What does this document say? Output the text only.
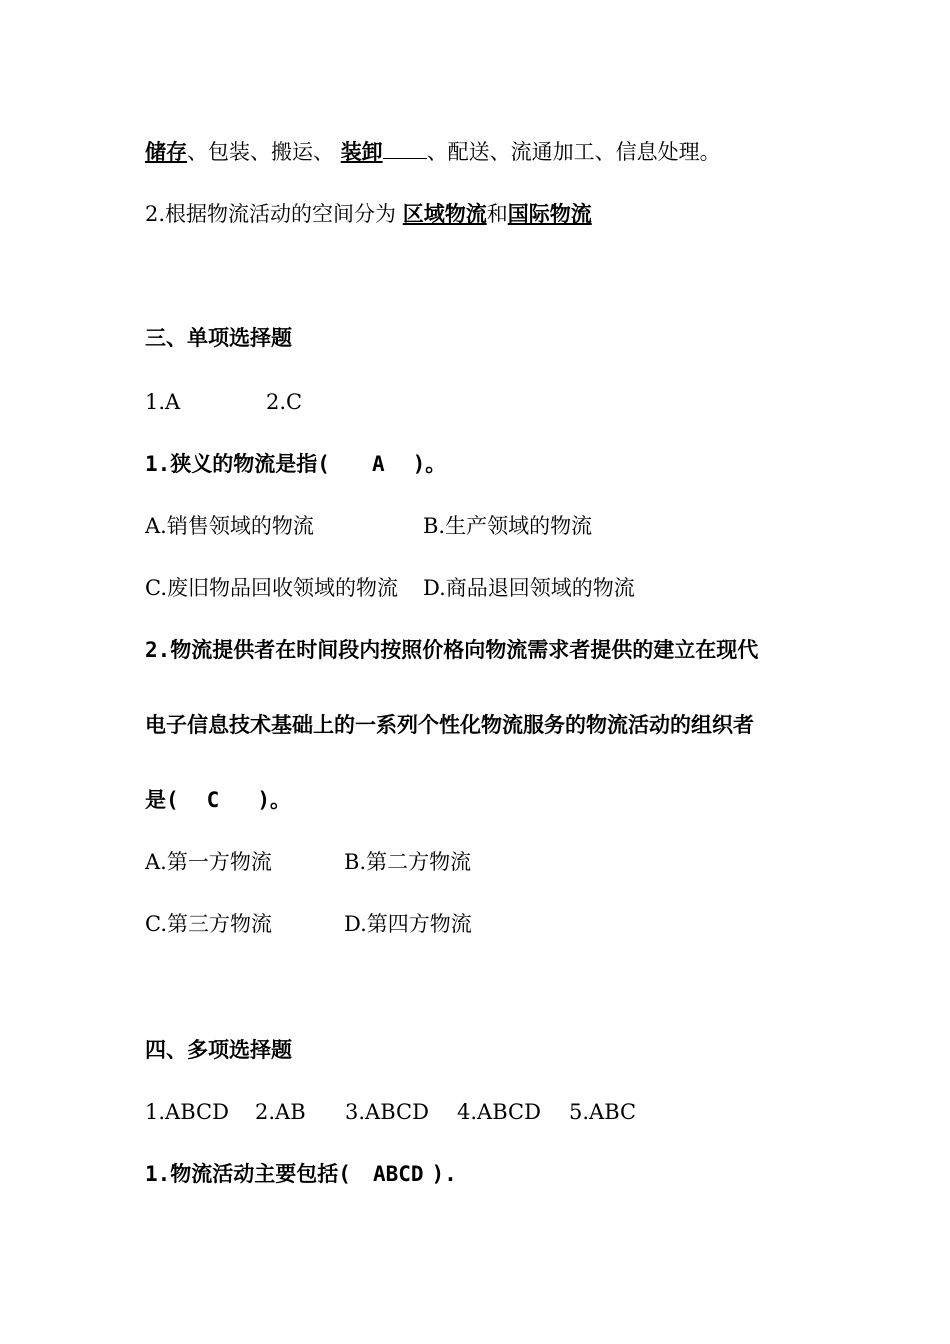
储存、包装、搬运、 装卸 、配送、流通加工、信息处理。
2.根据物流活动的空间分为 区域物流和国际物流
三、单项选择题
1.A	2.C
1.狭义的物流是指( A )。
A.销售领域的物流	B.生产领域的物流
C.废旧物品回收领域的物流 D.商品退回领域的物流
2.物流提供者在时间段内按照价格向物流需求者提供的建立在现代
电子信息技术基础上的一系列个性化物流服务的物流活动的组织者
是( C )。
A.第一方物流	B.第二方物流
C.第三方物流	D.第四方物流
四、多项选择题
1.ABCD 2.AB 3.ABCD 4.ABCD 5.ABC
1.物流活动主要包括( ABCD ).
